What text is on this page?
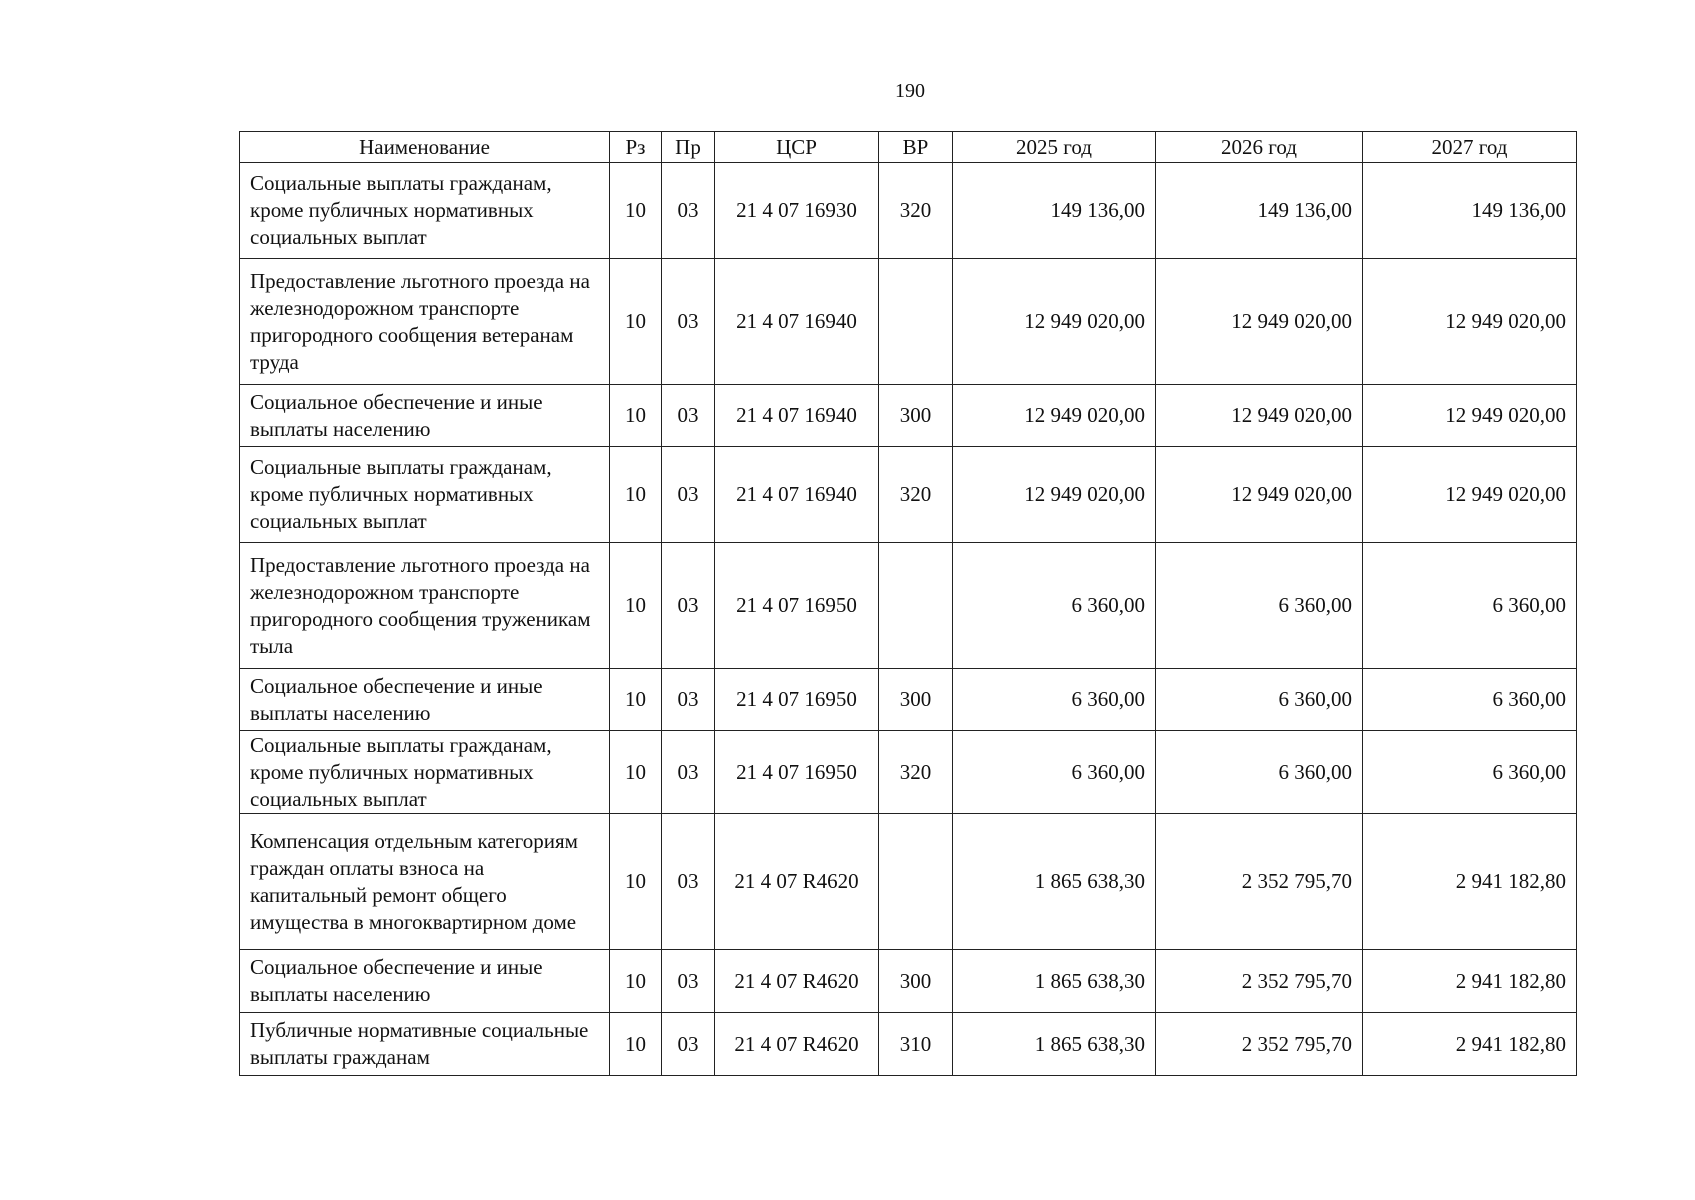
190
Наименование	Рз	Пр	ЦСР	ВР	2025 год	2026 год	2027 год
Социальные выплаты гражданам, кроме публичных нормативных социальных выплат	10	03	21 4 07 16930	320	149 136,00	149 136,00	149 136,00
Предоставление льготного проезда на железнодорожном транспорте пригородного сообщения ветеранам труда	10	03	21 4 07 16940		12 949 020,00	12 949 020,00	12 949 020,00
Социальное обеспечение и иные выплаты населению	10	03	21 4 07 16940	300	12 949 020,00	12 949 020,00	12 949 020,00
Социальные выплаты гражданам, кроме публичных нормативных социальных выплат	10	03	21 4 07 16940	320	12 949 020,00	12 949 020,00	12 949 020,00
Предоставление льготного проезда на железнодорожном транспорте пригородного сообщения труженикам тыла	10	03	21 4 07 16950		6 360,00	6 360,00	6 360,00
Социальное обеспечение и иные выплаты населению	10	03	21 4 07 16950	300	6 360,00	6 360,00	6 360,00
Социальные выплаты гражданам, кроме публичных нормативных социальных выплат	10	03	21 4 07 16950	320	6 360,00	6 360,00	6 360,00
Компенсация отдельным категориям граждан оплаты взноса на капитальный ремонт общего имущества в многоквартирном доме	10	03	21 4 07 R4620		1 865 638,30	2 352 795,70	2 941 182,80
Социальное обеспечение и иные выплаты населению	10	03	21 4 07 R4620	300	1 865 638,30	2 352 795,70	2 941 182,80
Публичные нормативные социальные выплаты гражданам	10	03	21 4 07 R4620	310	1 865 638,30	2 352 795,70	2 941 182,80
